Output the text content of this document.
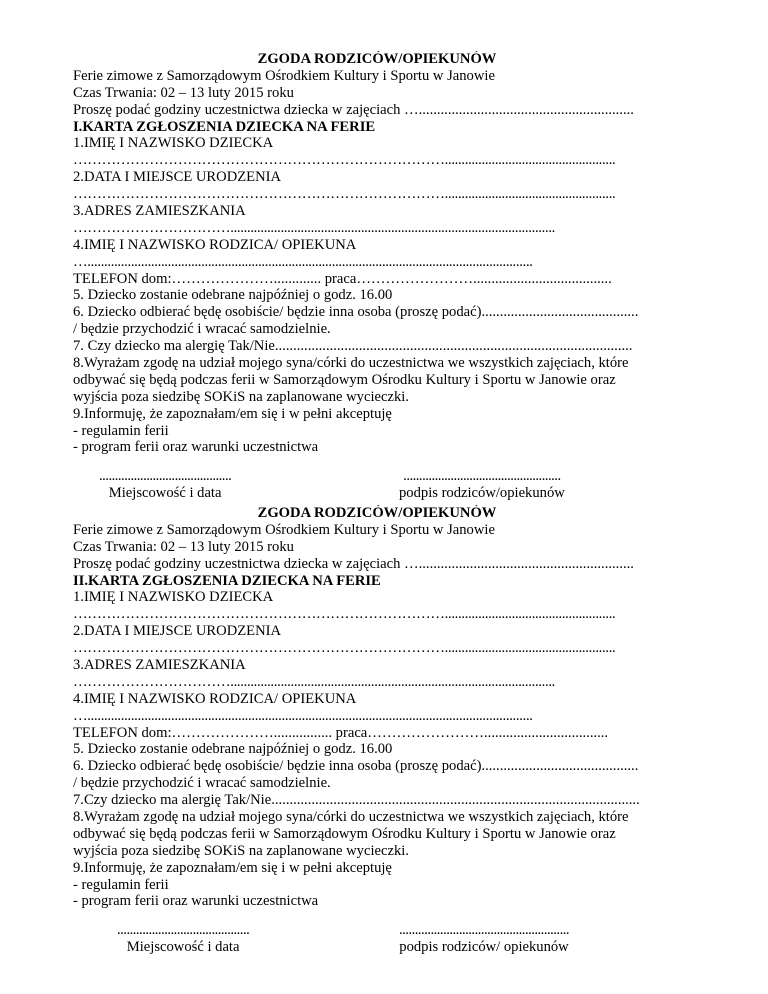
ZGODA RODZICÓW/OPIEKUNÓW
Ferie zimowe z Samorządowym Ośrodkiem Kultury i Sportu w Janowie
Czas Trwania: 02 – 13 luty 2015 roku
Proszę podać godziny uczestnictwa dziecka w zajęciach …...........................................................
I.KARTA ZGŁOSZENIA DZIECKA NA FERIE
1.IMIĘ I NAZWISKO DZIECKA
……………………………………………………………………...................................................
2.DATA I MIEJSCE URODZENIA
……………………………………………………………………...................................................
3.ADRES ZAMIESZKANIA
…………………………….................................................................................................
4.IMIĘ I NAZWISKO RODZICA/ OPIEKUNA
….....................................................................................................................................
TELEFON dom:…………………............. praca……………………......................................
5. Dziecko zostanie odebrane najpóźniej o godz. 16.00
6. Dziecko odbierać będę osobiście/ będzie inna osoba (proszę podać)...........................................
/ będzie przychodzić i wracać samodzielnie.
7. Czy dziecko ma alergię Tak/Nie..................................................................................................
8.Wyrażam zgodę na udział mojego syna/córki do uczestnictwa we wszystkich zajęciach, które
odbywać się będą podczas ferii w Samorządowym Ośrodku Kultury i Sportu w Janowie oraz
wyjścia poza siedzibę SOKiS na zaplanowane wycieczki.
9.Informuję, że zapoznałam/em się i w pełni akceptuję
- regulamin ferii
- program ferii oraz warunki uczestnictwa
..........................................
Miejscowość i data
..................................................
podpis rodziców/opiekunów
ZGODA RODZICÓW/OPIEKUNÓW
Ferie zimowe z Samorządowym Ośrodkiem Kultury i Sportu w Janowie
Czas Trwania: 02 – 13 luty 2015 roku
Proszę podać godziny uczestnictwa dziecka w zajęciach …...........................................................
II.KARTA ZGŁOSZENIA DZIECKA NA FERIE
1.IMIĘ I NAZWISKO DZIECKA
……………………………………………………………………...................................................
2.DATA I MIEJSCE URODZENIA
……………………………………………………………………...................................................
3.ADRES ZAMIESZKANIA
…………………………….................................................................................................
4.IMIĘ I NAZWISKO RODZICA/ OPIEKUNA
….....................................................................................................................................
TELEFON dom:…………………................ praca……………………..................................
5. Dziecko zostanie odebrane najpóźniej o godz. 16.00
6. Dziecko odbierać będę osobiście/ będzie inna osoba (proszę podać)...........................................
/ będzie przychodzić i wracać samodzielnie.
7.Czy dziecko ma alergię Tak/Nie.....................................................................................................
8.Wyrażam zgodę na udział mojego syna/córki do uczestnictwa we wszystkich zajęciach, które
odbywać się będą podczas ferii w Samorządowym Ośrodku Kultury i Sportu w Janowie oraz
wyjścia poza siedzibę SOKiS na zaplanowane wycieczki.
9.Informuję, że zapoznałam/em się i w pełni akceptuję
- regulamin ferii
- program ferii oraz warunki uczestnictwa
..........................................
Miejscowość i data
......................................................
podpis rodziców/ opiekunów
